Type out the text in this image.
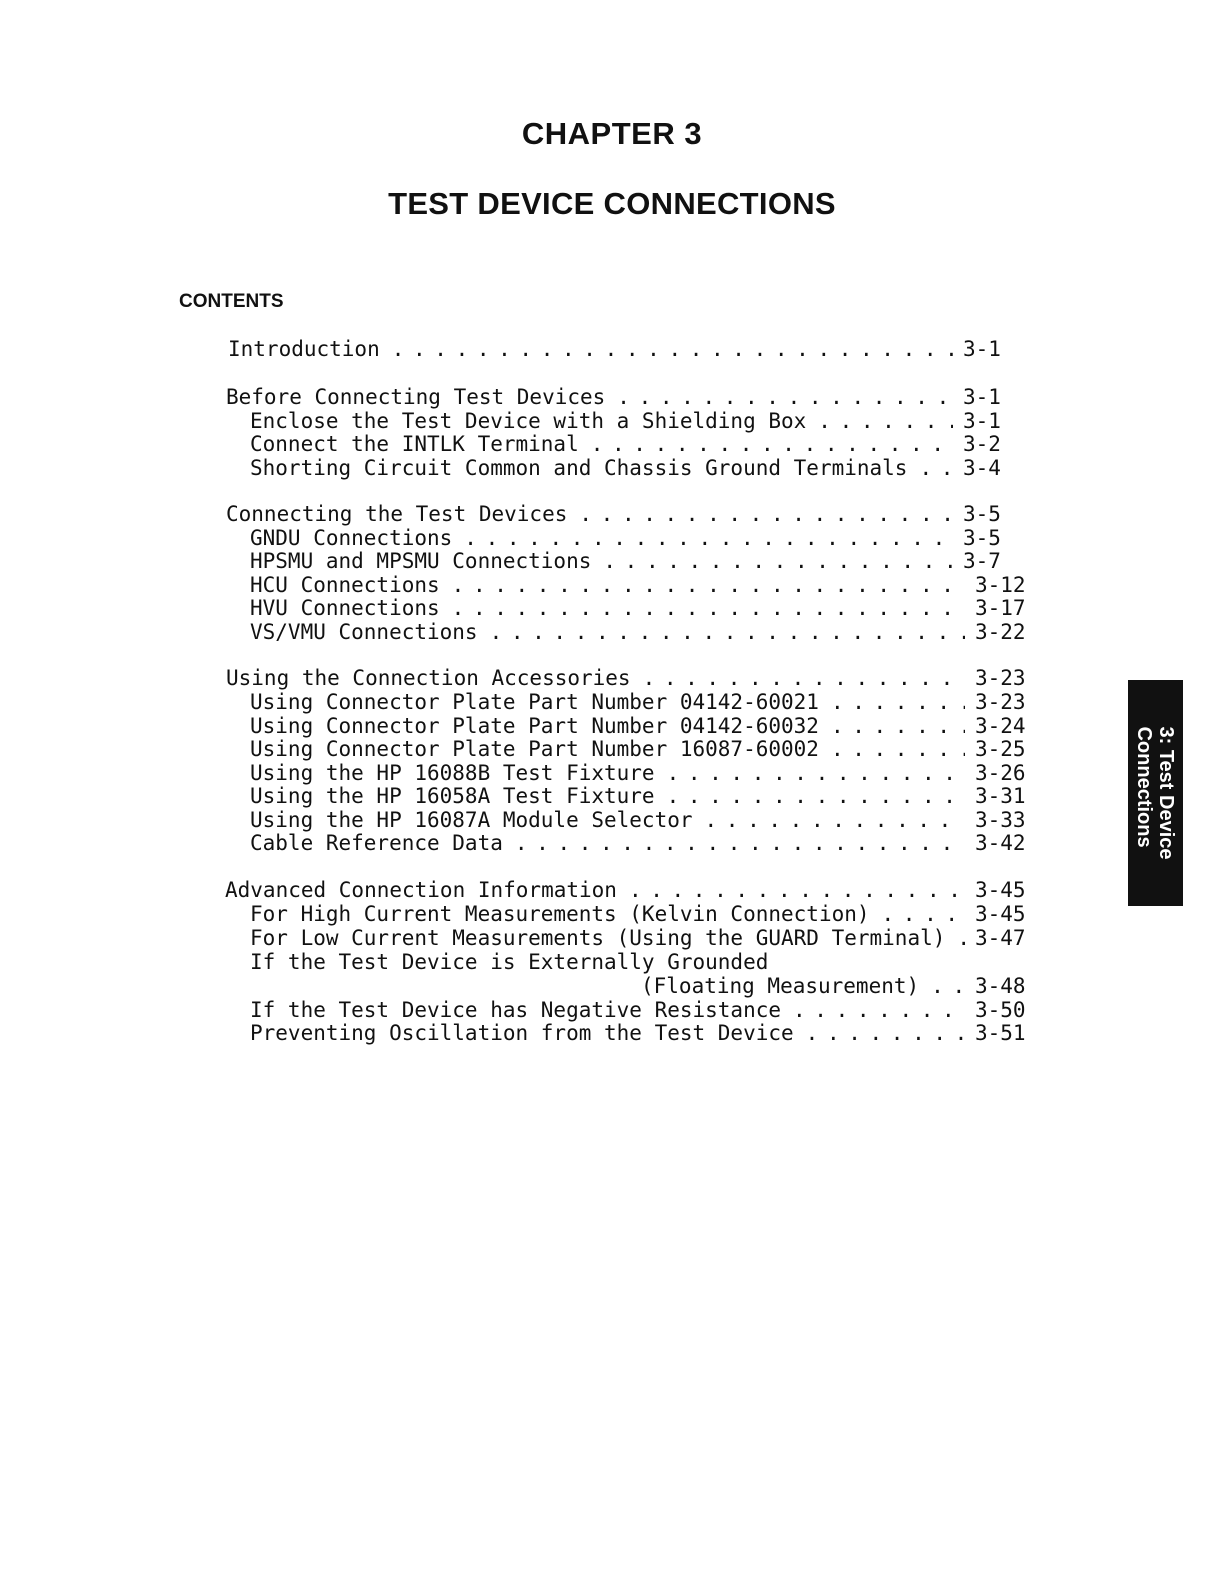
CHAPTER 3
TEST DEVICE CONNECTIONS
CONTENTS
Introduction . . .	3-1
Before Connecting Test Devices . . .	3-1
Enclose the Test Device with a Shielding Box . . .	3-1
Connect the INTLK Terminal . . .	3-2
Shorting Circuit Common and Chassis Ground Terminals . . .	3-4
Connecting the Test Devices . . .	3-5
GNDU Connections . . .	3-5
HPSMU and MPSMU Connections . . .	3-7
HCU Connections . . .	3-12
HVU Connections . . .	3-17
VS/VMU Connections . . .	3-22
Using the Connection Accessories . . .	3-23
Using Connector Plate Part Number 04142-60021 . . .	3-23
Using Connector Plate Part Number 04142-60032 . . .	3-24
Using Connector Plate Part Number 16087-60002 . . .	3-25
Using the HP 16088B Test Fixture . . .	3-26
Using the HP 16058A Test Fixture . . .	3-31
Using the HP 16087A Module Selector . . .	3-33
Cable Reference Data . . .	3-42
Advanced Connection Information . . .	3-45
For High Current Measurements (Kelvin Connection) . . .	3-45
For Low Current Measurements (Using the GUARD Terminal) . . . 3-47
If the Test Device is Externally Grounded
(Floating Measurement) . . .	3-48
If the Test Device has Negative Resistance . . .	3-50
Preventing Oscillation from the Test Device . . .	3-51
3: Test Device
Connections
